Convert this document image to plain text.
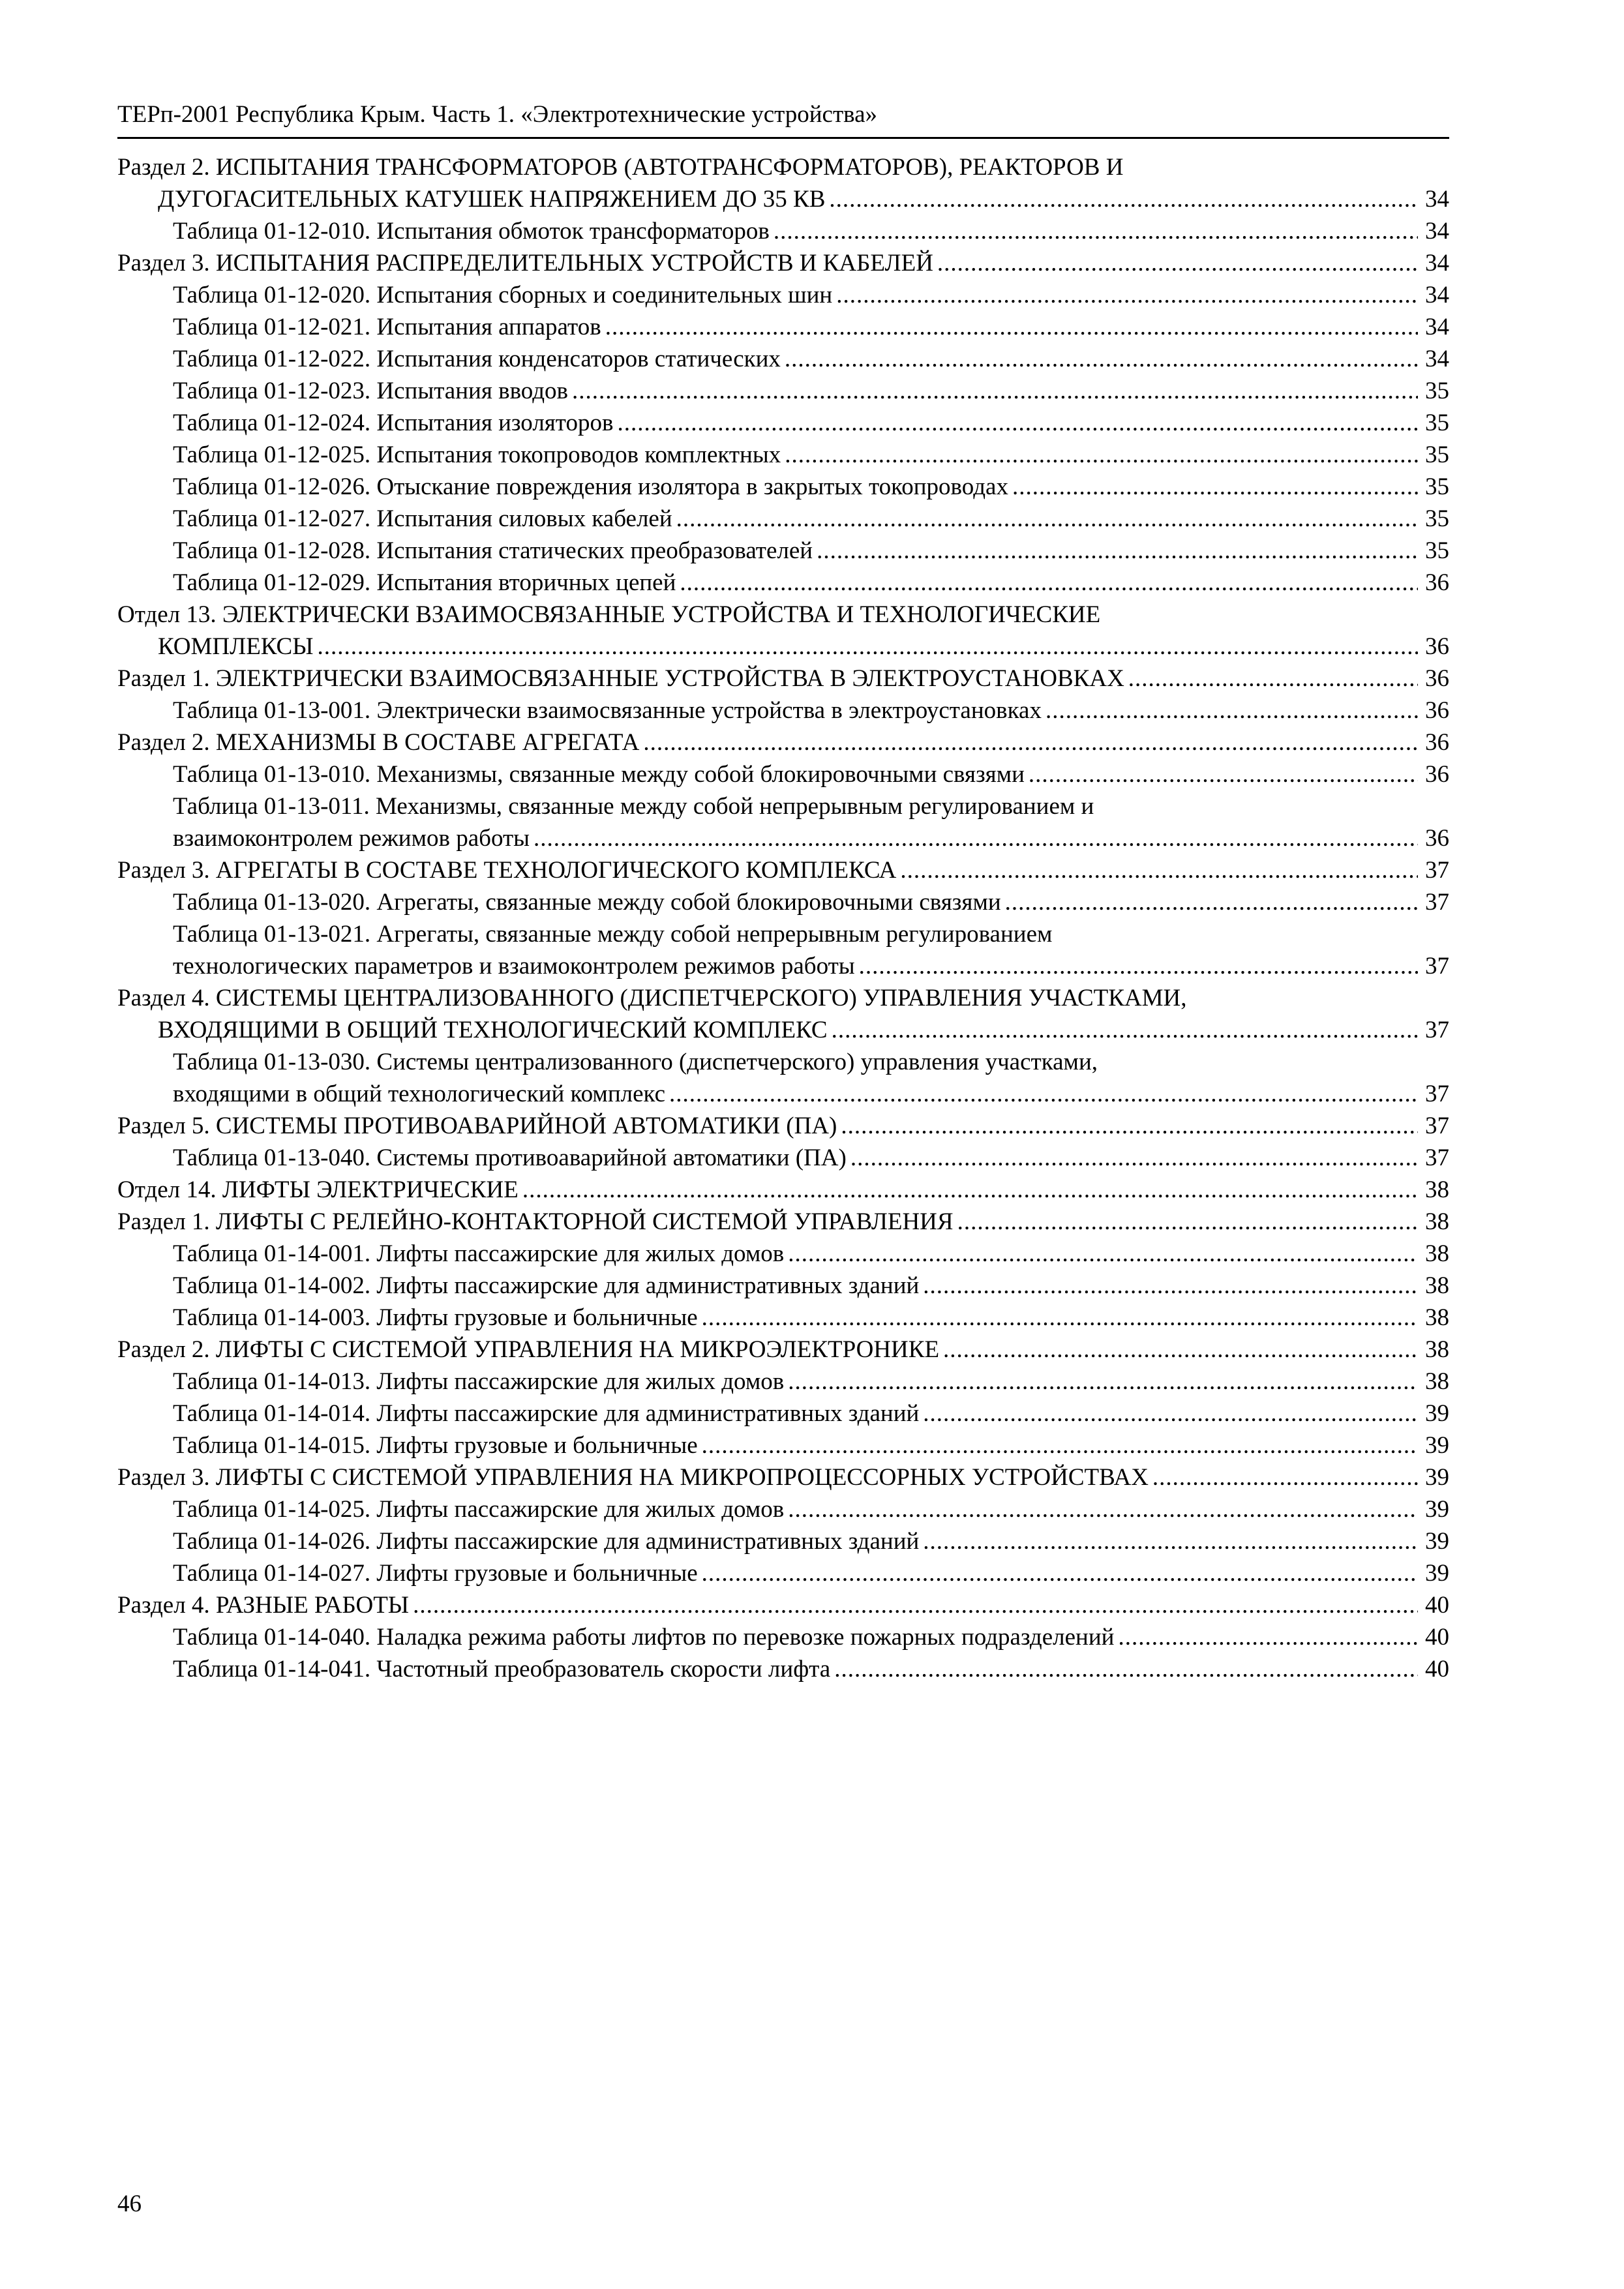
ТЕРп-2001 Республика Крым. Часть 1. «Электротехнические устройства»
Раздел 2. ИСПЫТАНИЯ ТРАНСФОРМАТОРОВ (АВТОТРАНСФОРМАТОРОВ), РЕАКТОРОВ И
ДУГОГАСИТЕЛЬНЫХ КАТУШЕК НАПРЯЖЕНИЕМ ДО 35 КВ .....	34
Таблица 01-12-010. Испытания обмоток трансформаторов .....	34
Раздел 3. ИСПЫТАНИЯ РАСПРЕДЕЛИТЕЛЬНЫХ УСТРОЙСТВ И КАБЕЛЕЙ .....	34
Таблица 01-12-020. Испытания сборных и соединительных шин .....	34
Таблица 01-12-021. Испытания аппаратов .....	34
Таблица 01-12-022. Испытания конденсаторов статических .....	34
Таблица 01-12-023. Испытания вводов .....	35
Таблица 01-12-024. Испытания изоляторов .....	35
Таблица 01-12-025. Испытания токопроводов комплектных .....	35
Таблица 01-12-026. Отыскание повреждения изолятора в закрытых токопроводах .....	35
Таблица 01-12-027. Испытания силовых кабелей .....	35
Таблица 01-12-028. Испытания статических преобразователей .....	35
Таблица 01-12-029. Испытания вторичных цепей .....	36
Отдел 13. ЭЛЕКТРИЧЕСКИ ВЗАИМОСВЯЗАННЫЕ УСТРОЙСТВА И ТЕХНОЛОГИЧЕСКИЕ
КОМПЛЕКСЫ .....	36
Раздел 1. ЭЛЕКТРИЧЕСКИ ВЗАИМОСВЯЗАННЫЕ УСТРОЙСТВА В ЭЛЕКТРОУСТАНОВКАХ .....	36
Таблица 01-13-001. Электрически взаимосвязанные устройства в электроустановках .....	36
Раздел 2. МЕХАНИЗМЫ В СОСТАВЕ АГРЕГАТА .....	36
Таблица 01-13-010. Механизмы, связанные между собой блокировочными связями .....	36
Таблица 01-13-011. Механизмы, связанные между собой непрерывным регулированием и
взаимоконтролем режимов работы .....	36
Раздел 3. АГРЕГАТЫ В СОСТАВЕ ТЕХНОЛОГИЧЕСКОГО КОМПЛЕКСА .....	37
Таблица 01-13-020. Агрегаты, связанные между собой блокировочными связями .....	37
Таблица 01-13-021. Агрегаты, связанные между собой непрерывным регулированием
технологических параметров и взаимоконтролем режимов работы .....	37
Раздел 4. СИСТЕМЫ ЦЕНТРАЛИЗОВАННОГО (ДИСПЕТЧЕРСКОГО) УПРАВЛЕНИЯ УЧАСТКАМИ,
ВХОДЯЩИМИ В ОБЩИЙ ТЕХНОЛОГИЧЕСКИЙ КОМПЛЕКС .....	37
Таблица 01-13-030. Системы централизованного (диспетчерского) управления участками,
входящими в общий технологический комплекс .....	37
Раздел 5. СИСТЕМЫ ПРОТИВОАВАРИЙНОЙ АВТОМАТИКИ (ПА) .....	37
Таблица 01-13-040. Системы противоаварийной автоматики (ПА) .....	37
Отдел 14. ЛИФТЫ ЭЛЕКТРИЧЕСКИЕ .....	38
Раздел 1. ЛИФТЫ С РЕЛЕЙНО-КОНТАКТОРНОЙ СИСТЕМОЙ УПРАВЛЕНИЯ .....	38
Таблица 01-14-001. Лифты пассажирские для жилых домов .....	38
Таблица 01-14-002. Лифты пассажирские для административных зданий .....	38
Таблица 01-14-003. Лифты грузовые и больничные .....	38
Раздел 2. ЛИФТЫ С СИСТЕМОЙ УПРАВЛЕНИЯ НА МИКРОЭЛЕКТРОНИКЕ .....	38
Таблица 01-14-013. Лифты пассажирские для жилых домов .....	38
Таблица 01-14-014. Лифты пассажирские для административных зданий .....	39
Таблица 01-14-015. Лифты грузовые и больничные .....	39
Раздел 3. ЛИФТЫ С СИСТЕМОЙ УПРАВЛЕНИЯ НА МИКРОПРОЦЕССОРНЫХ УСТРОЙСТВАХ .....	39
Таблица 01-14-025. Лифты пассажирские для жилых домов .....	39
Таблица 01-14-026. Лифты пассажирские для административных зданий .....	39
Таблица 01-14-027. Лифты грузовые и больничные .....	39
Раздел 4. РАЗНЫЕ РАБОТЫ .....	40
Таблица 01-14-040. Наладка режима работы лифтов по перевозке пожарных подразделений .....	40
Таблица 01-14-041. Частотный преобразователь скорости лифта .....	40
46
